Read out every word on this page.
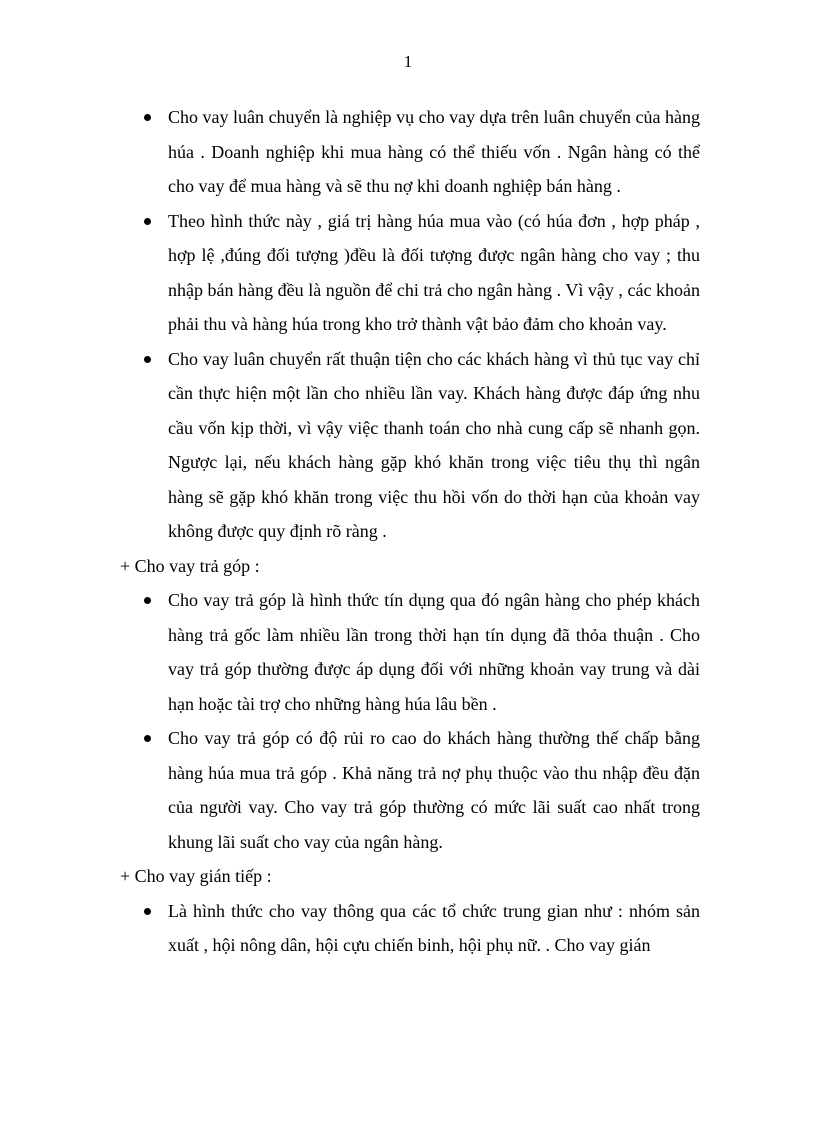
1
Cho vay luân chuyển là nghiệp vụ cho vay dựa trên luân chuyển của hàng húa . Doanh nghiệp khi mua hàng có thể thiếu vốn . Ngân hàng có thể cho vay để mua hàng và sẽ thu nợ khi doanh nghiệp bán hàng .
Theo hình thức này , giá trị hàng húa mua vào (có húa đơn , hợp pháp , hợp lệ ,đúng đối tượng )đều là đối tượng được ngân hàng cho vay ; thu nhập bán hàng đều là nguồn để chi trả cho ngân hàng . Vì vậy , các khoản phải thu và hàng húa trong kho trở thành vật bảo đảm cho khoản vay.
Cho vay luân chuyển rất thuận tiện cho các khách hàng vì thủ tục vay chỉ cần thực hiện một lần cho nhiều lần vay. Khách hàng được đáp ứng nhu cầu vốn kịp thời, vì vậy việc thanh toán cho nhà cung cấp sẽ nhanh gọn. Ngược lại, nếu khách hàng gặp khó khăn trong việc tiêu thụ thì ngân hàng sẽ gặp khó khăn trong việc thu hồi vốn do thời hạn của khoản vay không được quy định rõ ràng .

+ Cho vay trả góp :

Cho vay trả góp là hình thức tín dụng qua đó ngân hàng cho phép khách hàng trả gốc làm nhiều lần trong thời hạn tín dụng đã thỏa thuận . Cho vay trả góp thường được áp dụng đối với những khoản vay trung và dài hạn hoặc tài trợ cho những hàng húa lâu bền .
Cho vay trả góp có độ rủi ro cao do khách hàng thường thế chấp bằng hàng húa mua trả góp . Khả năng trả nợ phụ thuộc vào thu nhập đều đặn của người vay. Cho vay trả góp thường có mức lãi suất cao nhất trong khung lãi suất cho vay của ngân hàng.

+ Cho vay gián tiếp :

Là hình thức cho vay thông qua các tổ chức trung gian như : nhóm sản xuất , hội nông dân, hội cựu chiến binh, hội phụ nữ. . Cho vay gián
